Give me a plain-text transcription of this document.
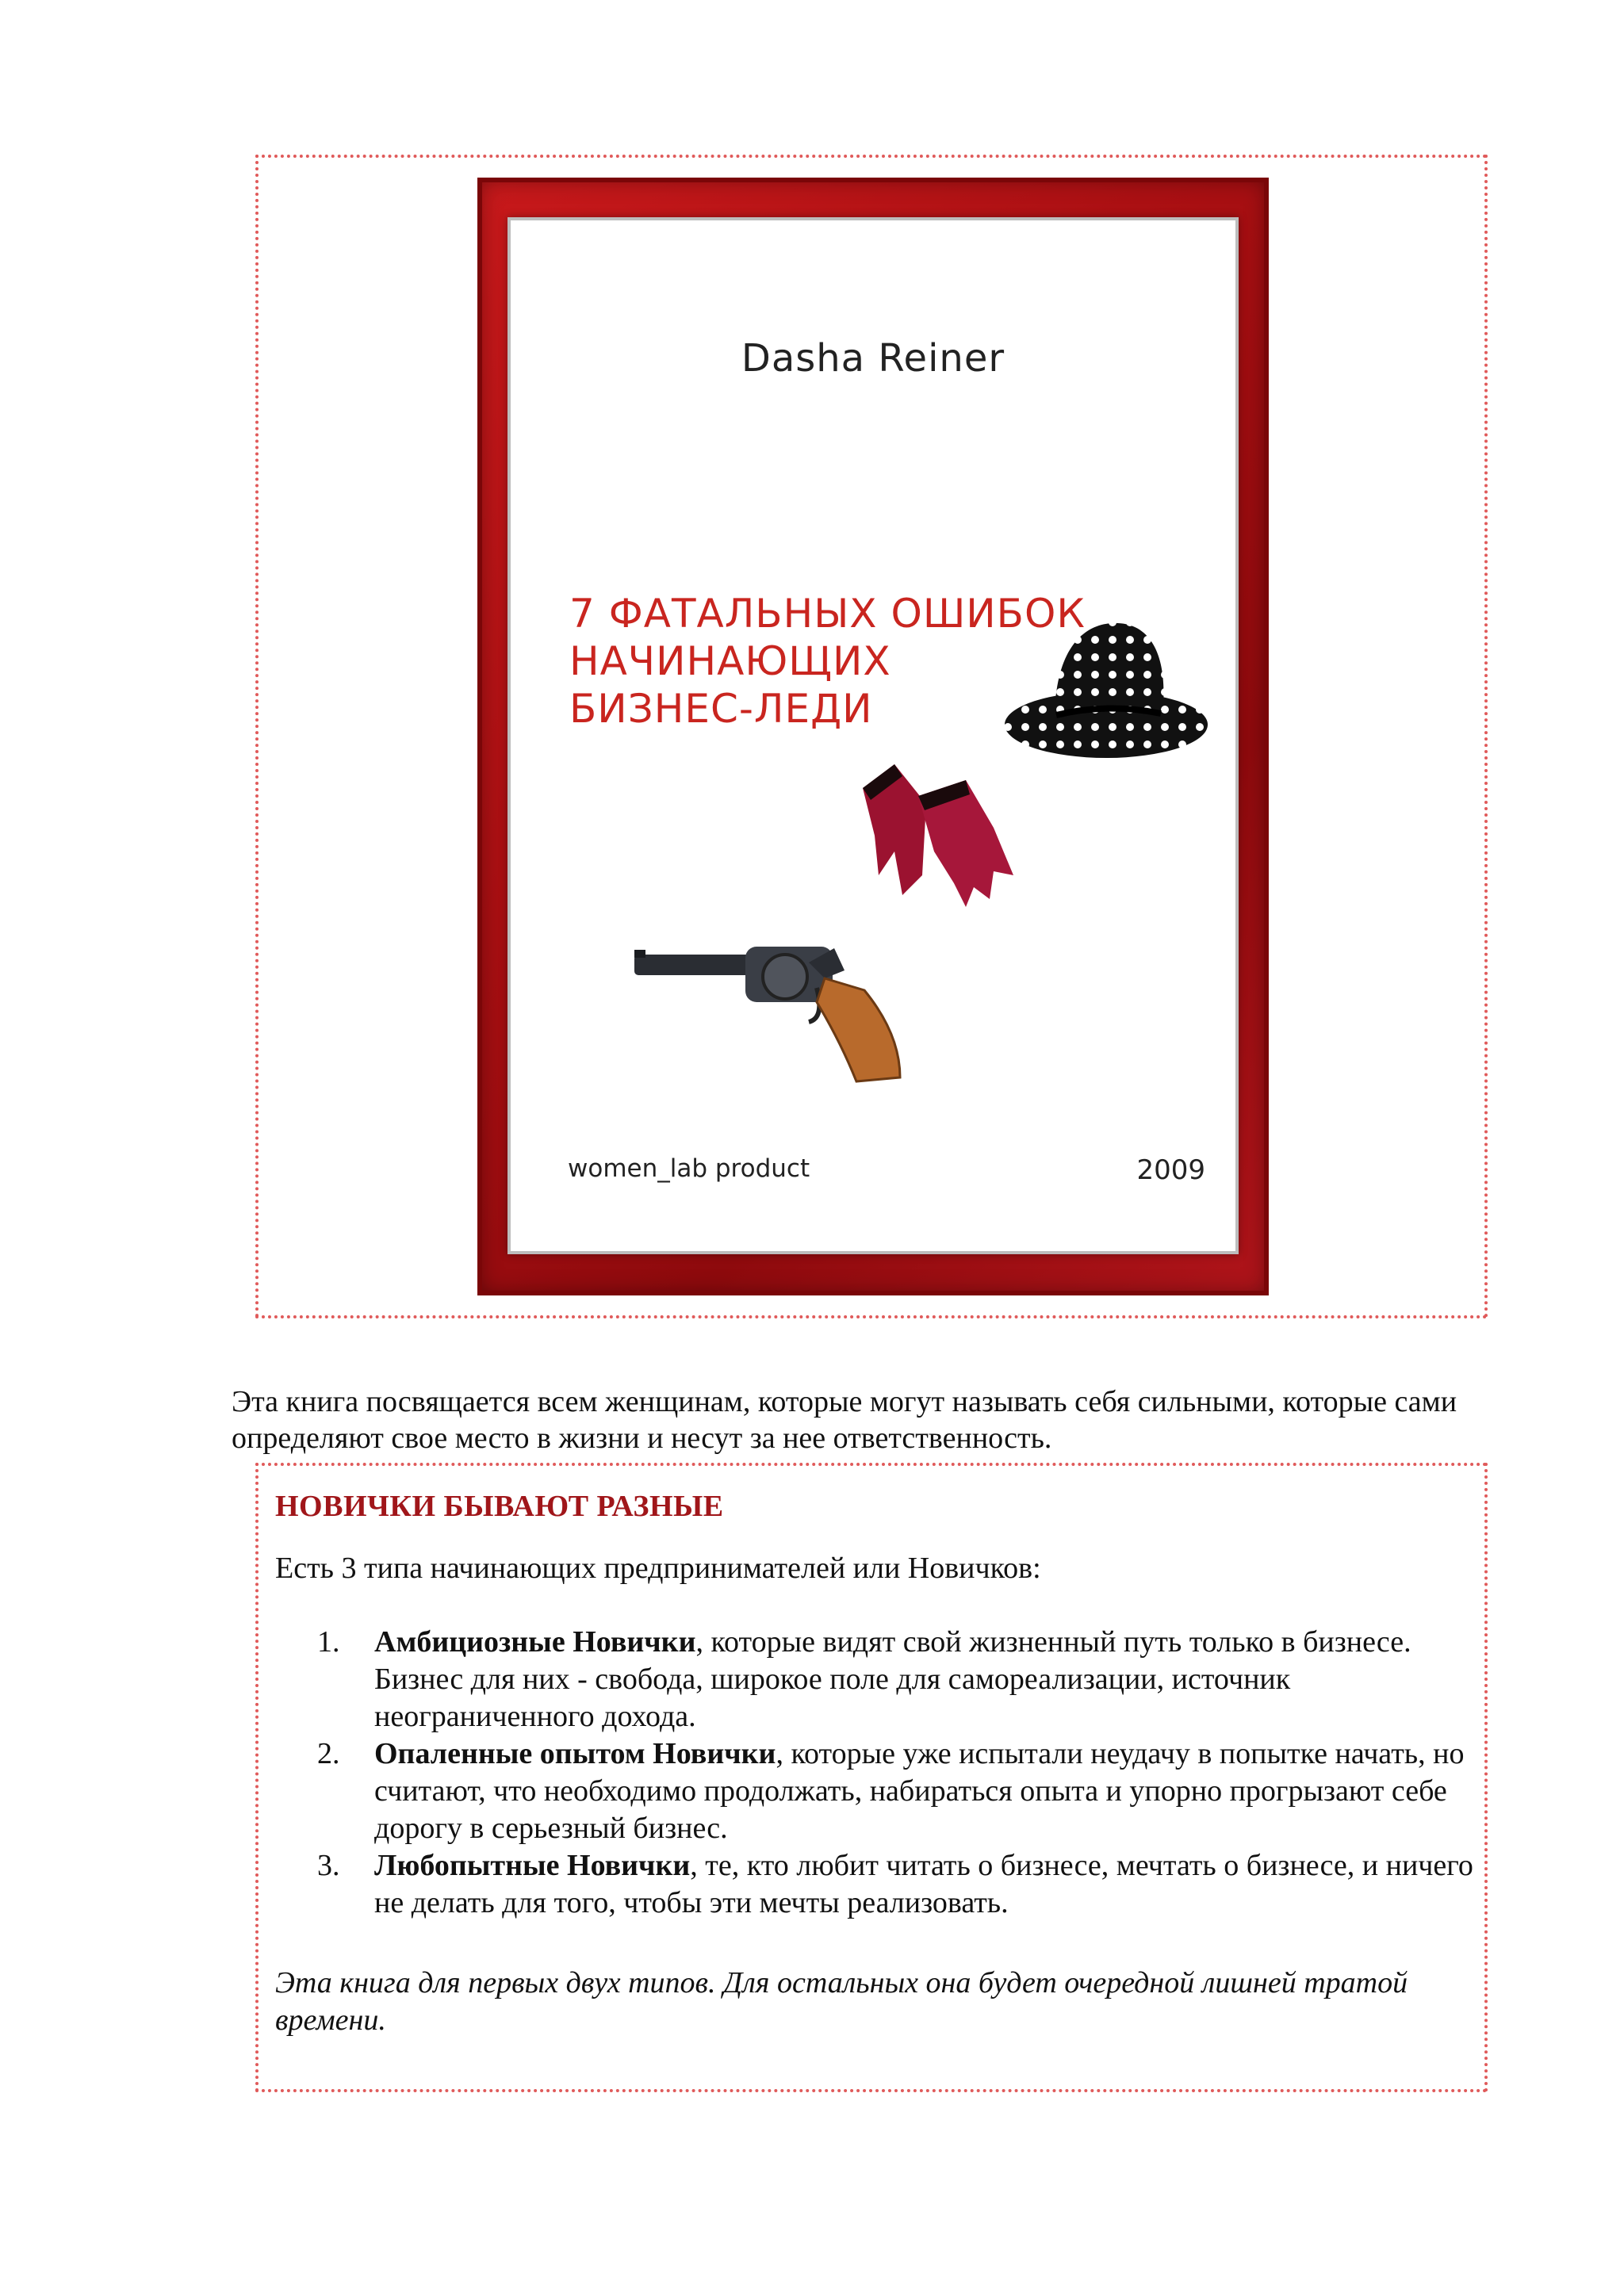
Dasha Reiner
7 ФАТАЛЬНЫХ ОШИБОК
НАЧИНАЮЩИХ
БИЗНЕС-ЛЕДИ
women_lab product	2009
Эта книга посвящается всем женщинам, которые могут называть себя сильными, которые сами определяют свое место в жизни и несут за нее ответственность.
НОВИЧКИ БЫВАЮТ РАЗНЫЕ
Есть 3 типа начинающих предпринимателей или Новичков:
1. Амбициозные Новички, которые видят свой жизненный путь только в бизнесе. Бизнес для них - свобода, широкое поле для самореализации, источник неограниченного дохода.
2. Опаленные опытом Новички, которые уже испытали неудачу в попытке начать, но считают, что необходимо продолжать, набираться опыта и упорно прогрызают себе дорогу в серьезный бизнес.
3. Любопытные Новички, те, кто любит читать о бизнесе, мечтать о бизнесе, и ничего не делать для того, чтобы эти мечты реализовать.
Эта книга для первых двух типов. Для остальных она будет очередной лишней тратой времени.
